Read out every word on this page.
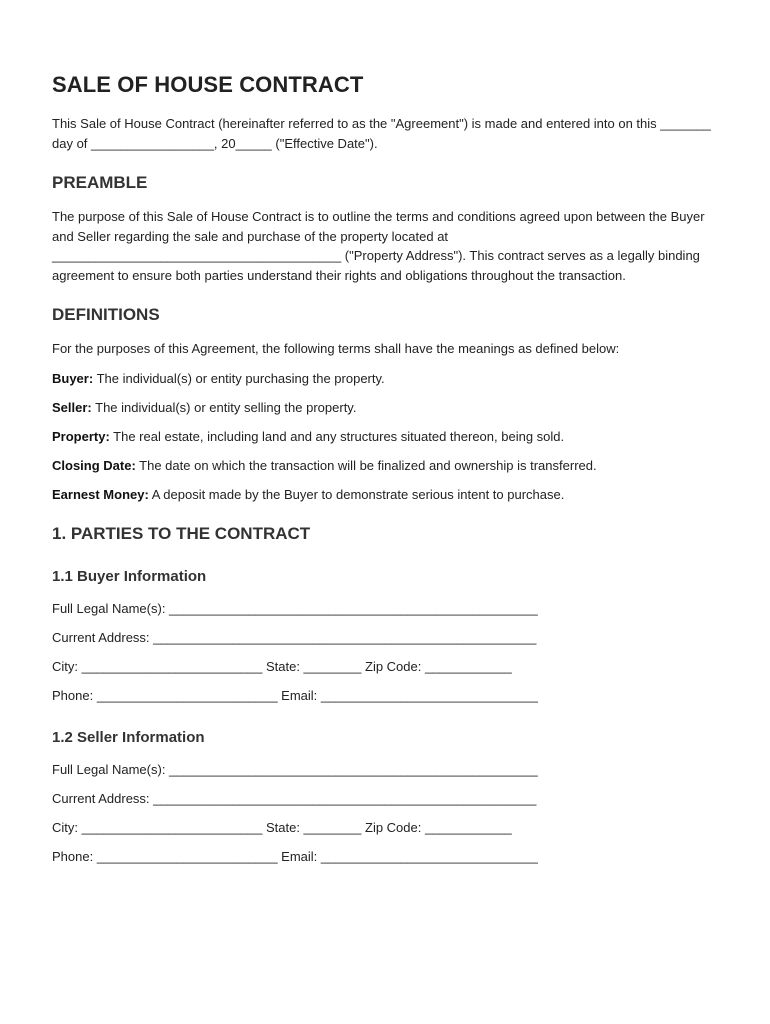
SALE OF HOUSE CONTRACT

This Sale of House Contract (hereinafter referred to as the "Agreement") is made and entered into on this _______ day of _________________, 20_____ ("Effective Date").

PREAMBLE

The purpose of this Sale of House Contract is to outline the terms and conditions agreed upon between the Buyer and Seller regarding the sale and purchase of the property located at ________________________________________ ("Property Address"). This contract serves as a legally binding agreement to ensure both parties understand their rights and obligations throughout the transaction.

DEFINITIONS

For the purposes of this Agreement, the following terms shall have the meanings as defined below:

Buyer: The individual(s) or entity purchasing the property.

Seller: The individual(s) or entity selling the property.

Property: The real estate, including land and any structures situated thereon, being sold.

Closing Date: The date on which the transaction will be finalized and ownership is transferred.

Earnest Money: A deposit made by the Buyer to demonstrate serious intent to purchase.

1. PARTIES TO THE CONTRACT
1.1 Buyer Information

Full Legal Name(s): ___________________________________________________

Current Address: _____________________________________________________

City: _________________________ State: ________ Zip Code: ____________

Phone: _________________________ Email: ______________________________

1.2 Seller Information

Full Legal Name(s): ___________________________________________________

Current Address: _____________________________________________________

City: _________________________ State: ________ Zip Code: ____________

Phone: _________________________ Email: ______________________________
